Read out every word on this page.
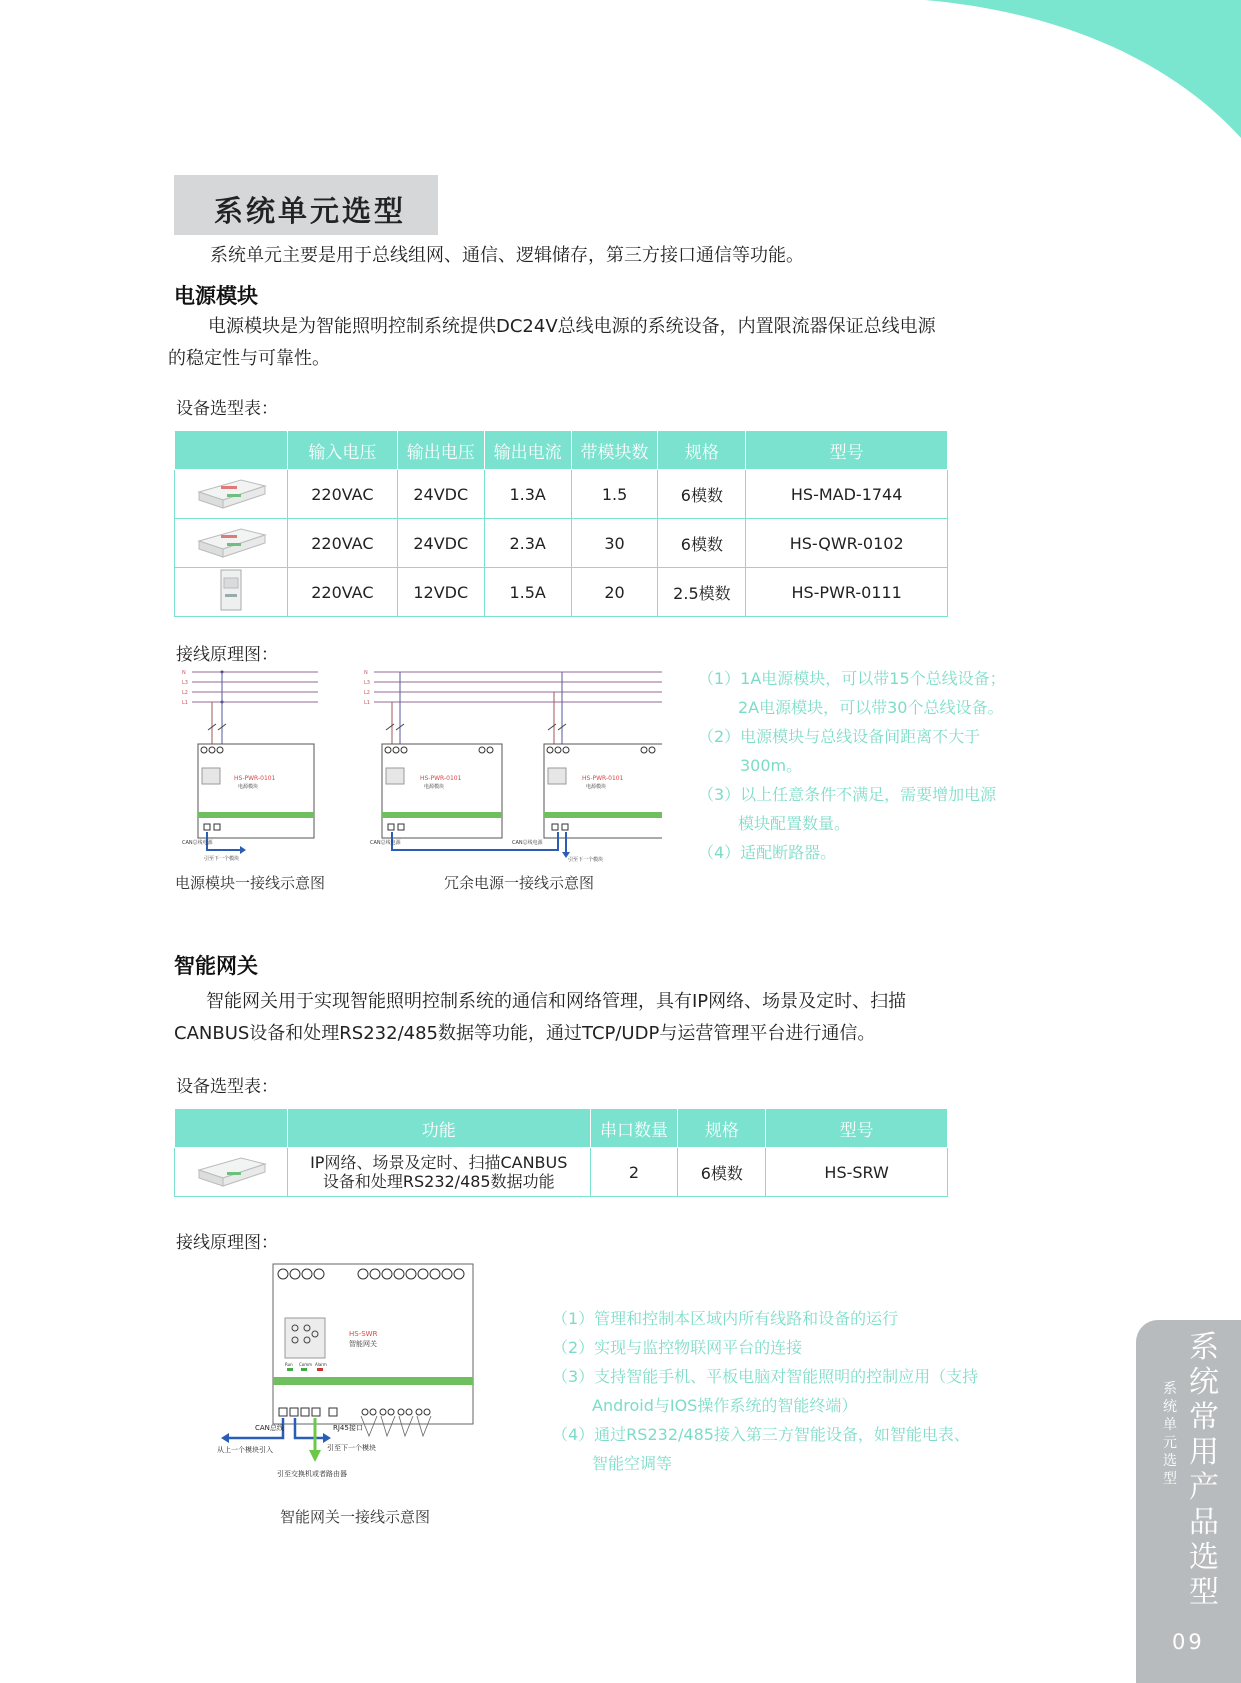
系统单元选型
系统单元主要是用于总线组网、通信、逻辑储存，第三方接口通信等功能。
电源模块
电源模块是为智能照明控制系统提供DC24V总线电源的系统设备，内置限流器保证总线电源
的稳定性与可靠性。
设备选型表：
	输入电压	输出电压	输出电流	带模块数	规格	型号
	220VAC	24VDC	1.3A	1.5	6模数	HS-MAD-1744
	220VAC	24VDC	2.3A	30	6模数	HS-QWR-0102
	220VAC	12VDC	1.5A	20	2.5模数	HS-PWR-0111
接线原理图：
N
L3
L2
L1
HS-PWR-0101
电源模块
CAN总线电源
引至下一个模块
N
L3
L2
L1
HS-PWR-0101
电源模块
HS-PWR-0101
电源模块
CAN总线电源	CAN总线电源
引至下一个模块
电源模块一接线示意图	冗余电源一接线示意图
（1）1A电源模块，可以带15个总线设备；
2A电源模块，可以带30个总线设备。
（2）电源模块与总线设备间距离不大于
300m。
（3）以上任意条件不满足，需要增加电源
模块配置数量。
（4）适配断路器。
智能网关
智能网关用于实现智能照明控制系统的通信和网络管理，具有IP网络、场景及定时、扫描
CANBUS设备和处理RS232/485数据等功能，通过TCP/UDP与运营管理平台进行通信。
设备选型表：
	功能	串口数量	规格	型号

IP网络、场景及定时、扫描CANBUS
设备和处理RS232/485数据功能	2	6模数	HS-SRW
接线原理图：
HS-SWR
智能网关
Run Comm Alarm
CAN总线	RJ45接口
从上一个模块引入	引至下一个模块
引至交换机或者路由器
智能网关一接线示意图
（1）管理和控制本区域内所有线路和设备的运行
（2）实现与监控物联网平台的连接
（3）支持智能手机、平板电脑对智能照明的控制应用（支持
Android与IOS操作系统的智能终端）
（4）通过RS232/485接入第三方智能设备，如智能电表、
智能空调等
系统常用产品选型
系统单元选型
09
